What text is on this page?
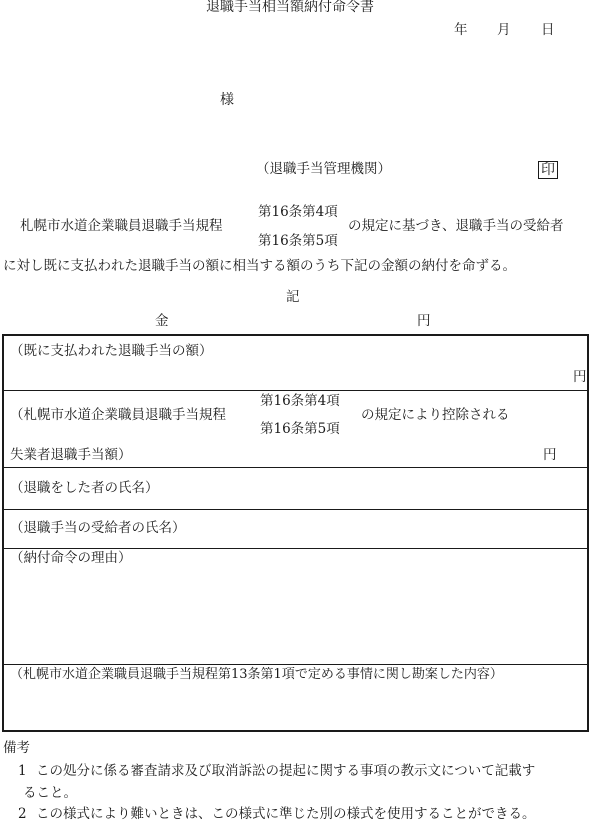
退職手当相当額納付命令書
年 月 日
様
（退職手当管理機関）	印
札幌市水道企業職員退職手当規程
第16条第4項
第16条第5項
の規定に基づき、退職手当の受給者
に対し既に支払われた退職手当の額に相当する額のうち下記の金額の納付を命ずる。
記
金	円
（既に支払われた退職手当の額）
円
（札幌市水道企業職員退職手当規程
第16条第4項
第16条第5項
の規定により控除される
失業者退職手当額）	円
（退職をした者の氏名）
（退職手当の受給者の氏名）
（納付命令の理由）
（札幌市水道企業職員退職手当規程第13条第1項で定める事情に関し勘案した内容）
備考
1 この処分に係る審査請求及び取消訴訟の提起に関する事項の教示文について記載す
ること。
2 この様式により難いときは、この様式に準じた別の様式を使用することができる。
